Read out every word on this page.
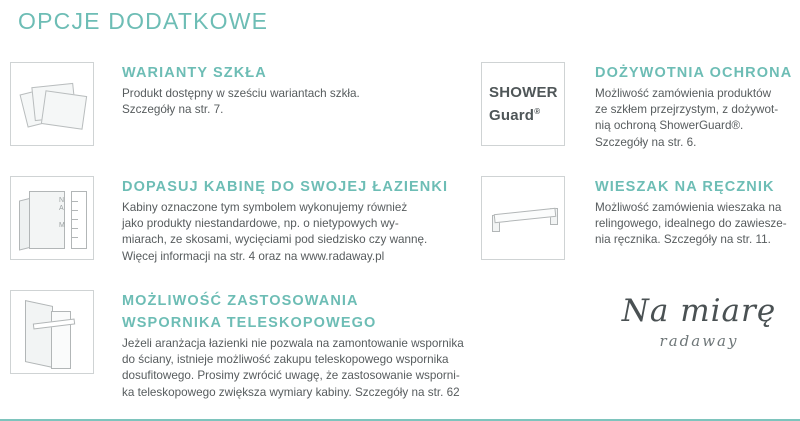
OPCJE DODATKOWE
WARIANTY SZKŁA
Produkt dostępny w sześciu wariantach szkła.
Szczegóły na str. 7.
SHOWER
Guard®
DOŻYWOTNIA OCHRONA
Możliwość zamówienia produktów
ze szkłem przejrzystym, z dożywot-
nią ochroną ShowerGuard®.
Szczegóły na str. 6.
N
A

M
DOPASUJ KABINĘ DO SWOJEJ ŁAZIENKI
Kabiny oznaczone tym symbolem wykonujemy również
jako produkty niestandardowe, np. o nietypowych wy-
miarach, ze skosami, wycięciami pod siedzisko czy wannę.
Więcej informacji na str. 4 oraz na www.radaway.pl
WIESZAK NA RĘCZNIK
Możliwość zamówienia wieszaka na
relingowego, idealnego do zawiesze-
nia ręcznika. Szczegóły na str. 11.
MOŻLIWOŚĆ ZASTOSOWANIA
WSPORNIKA TELESKOPOWEGO
Jeżeli aranżacja łazienki nie pozwala na zamontowanie wspornika
do ściany, istnieje możliwość zakupu teleskopowego wspornika
dosufitowego. Prosimy zwrócić uwagę, że zastosowanie wsporni-
ka teleskopowego zwiększa wymiary kabiny. Szczegóły na str. 62
Na miarę
radaway
